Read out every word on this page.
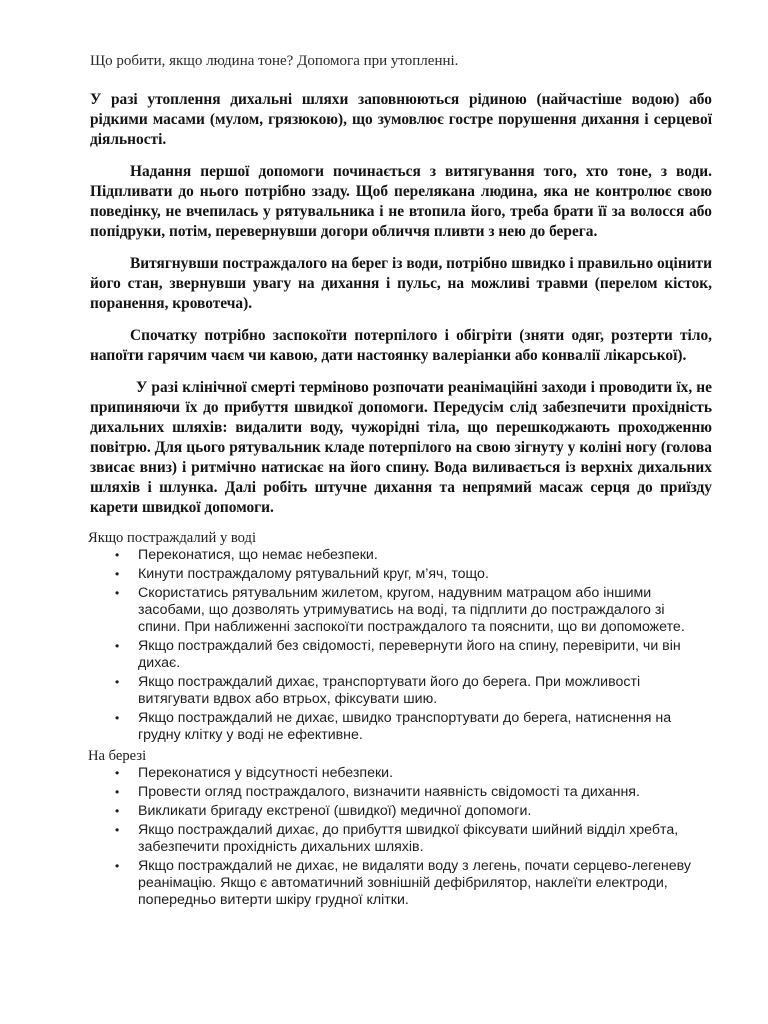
Що робити, якщо людина тоне? Допомога при утопленні.

У разі утоплення дихальні шляхи заповнюються рідиною (найчастіше водою) або рідкими масами (мулом, грязюкою), що зумовлює гостре порушення дихання і серцевої діяльності.

Надання першої допомоги починається з витягування того, хто тоне, з води. Підпливати до нього потрібно ззаду. Щоб перелякана людина, яка не контролює свою поведінку, не вчепилась у рятувальника і не втопила його, треба брати її за волосся або попідруки, потім, перевернувши догори обличчя пливти з нею до берега.

Витягнувши постраждалого на берег із води, потрібно швидко і правильно оцінити його стан, звернувши увагу на дихання і пульс, на можливі травми (перелом кісток, поранення, кровотеча).

Спочатку потрібно заспокоїти потерпілого і обігріти (зняти одяг, розтерти тіло, напоїти гарячим чаєм чи кавою, дати настоянку валеріанки або конвалії лікарської).

У разі клінічної смерті терміново розпочати реанімаційні заходи і проводити їх, не припиняючи їх до прибуття швидкої допомоги. Передусім слід забезпечити прохідність дихальних шляхів: видалити воду, чужорідні тіла, що перешкоджають проходженню повітрю. Для цього рятувальник кладе потерпілого на свою зігнуту у коліні ногу (голова звисає вниз) і ритмічно натискає на його спину. Вода виливається із верхніх дихальних шляхів і шлунка. Далі робіть штучне дихання та непрямий масаж серця до приїзду карети швидкої допомоги.

Якщо постраждалий у воді

• Переконатися, що немає небезпеки.
• Кинути постраждалому рятувальний круг, м’яч, тощо.
• Скористатись рятувальним жилетом, кругом, надувним матрацом або іншими засобами, що дозволять утримуватись на воді, та підплити до постраждалого зі спини. При наближенні заспокоїти постраждалого та пояснити, що ви допоможете.
• Якщо постраждалий без свідомості, перевернути його на спину, перевірити, чи він дихає.
• Якщо постраждалий дихає, транспортувати його до берега. При можливості витягувати вдвох або втрьох, фіксувати шию.
• Якщо постраждалий не дихає, швидко транспортувати до берега, натиснення на грудну клітку у воді не ефективне.

На березі

• Переконатися у відсутності небезпеки.
• Провести огляд постраждалого, визначити наявність свідомості та дихання.
• Викликати бригаду екстреної (швидкої) медичної допомоги.
• Якщо постраждалий дихає, до прибуття швидкої фіксувати шийний відділ хребта, забезпечити прохідність дихальних шляхів.
• Якщо постраждалий не дихає, не видаляти воду з легень, почати серцево-легеневу реанімацію. Якщо є автоматичний зовнішній дефібрилятор, наклеїти електроди, попередньо витерти шкіру грудної клітки.
